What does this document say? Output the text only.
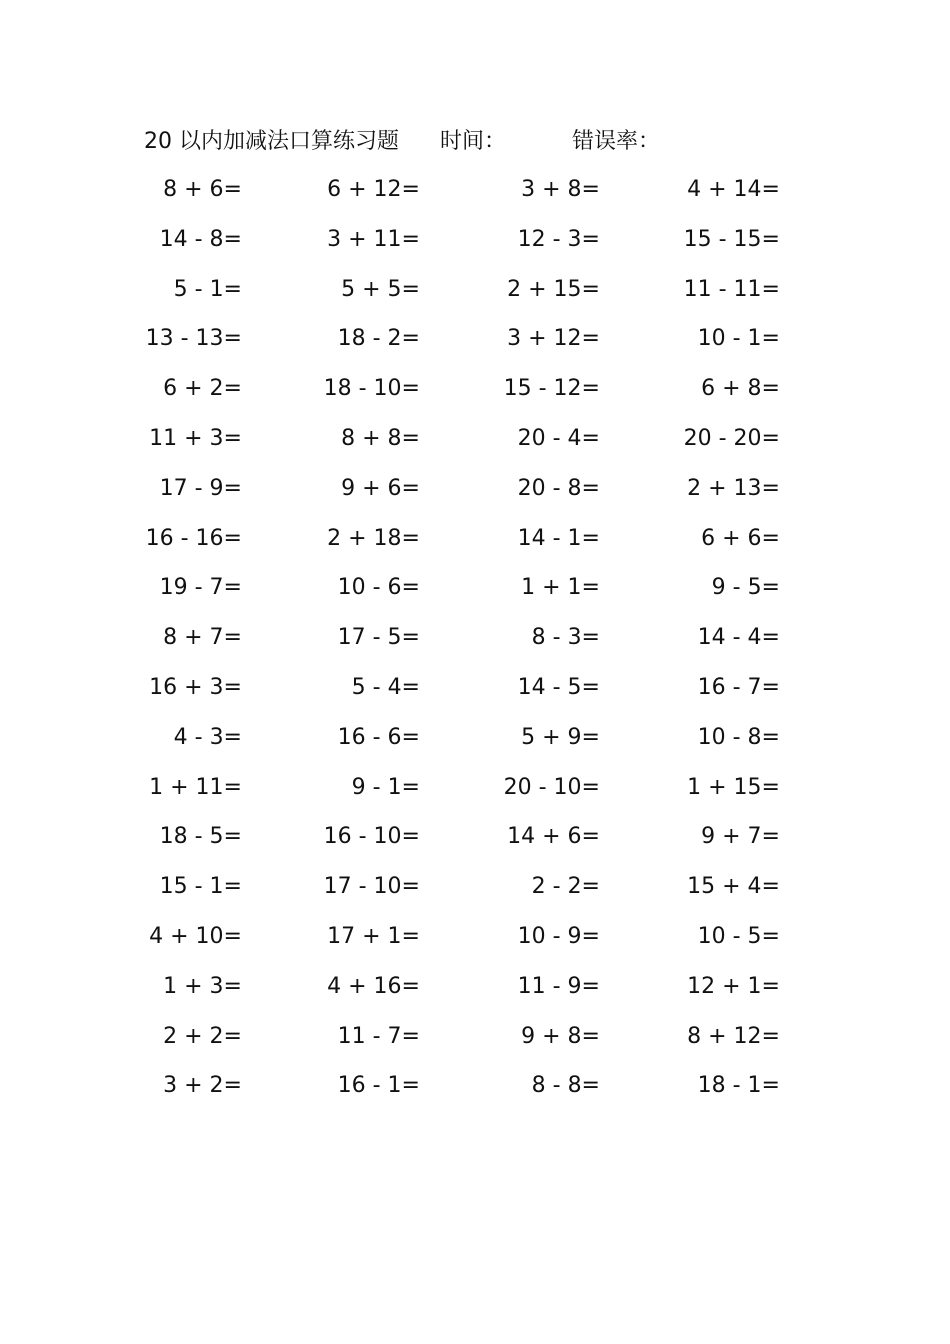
20 以内加减法口算练习题 时间：	错误率：
8 + 6=	6 + 12=	3 + 8=	4 + 14=
14 - 8=	3 + 11=	12 - 3=	15 - 15=
5 - 1=	5 + 5=	2 + 15=	11 - 11=
13 - 13=	18 - 2=	3 + 12=	10 - 1=
6 + 2=	18 - 10=	15 - 12=	6 + 8=
11 + 3=	8 + 8=	20 - 4=	20 - 20=
17 - 9=	9 + 6=	20 - 8=	2 + 13=
16 - 16=	2 + 18=	14 - 1=	6 + 6=
19 - 7=	10 - 6=	1 + 1=	9 - 5=
8 + 7=	17 - 5=	8 - 3=	14 - 4=
16 + 3=	5 - 4=	14 - 5=	16 - 7=
4 - 3=	16 - 6=	5 + 9=	10 - 8=
1 + 11=	9 - 1=	20 - 10=	1 + 15=
18 - 5=	16 - 10=	14 + 6=	9 + 7=
15 - 1=	17 - 10=	2 - 2=	15 + 4=
4 + 10=	17 + 1=	10 - 9=	10 - 5=
1 + 3=	4 + 16=	11 - 9=	12 + 1=
2 + 2=	11 - 7=	9 + 8=	8 + 12=
3 + 2=	16 - 1=	8 - 8=	18 - 1=
